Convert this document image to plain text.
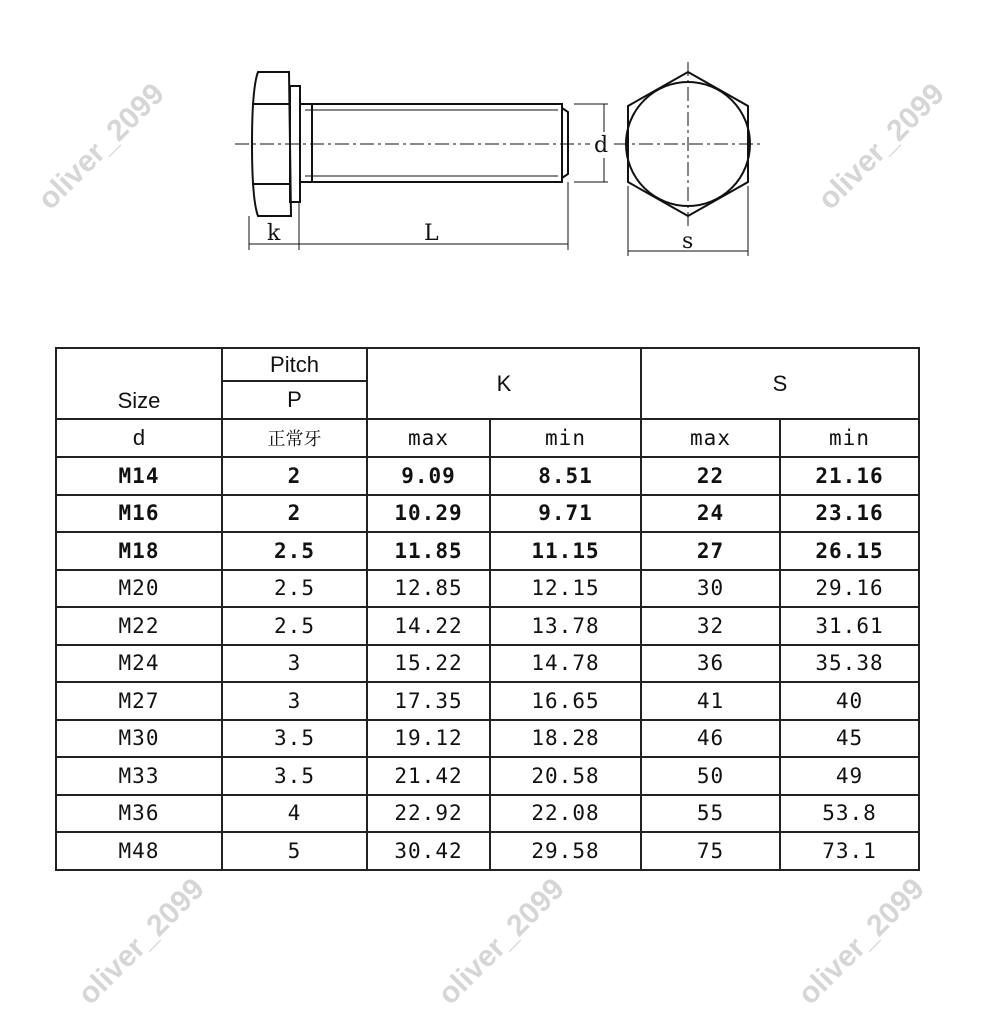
k	L
d
s
Size	Pitch	K		S	
	P				
d	正常牙	max	min	max	min
M14	2	9.09	8.51	22	21.16
M16	2	10.29	9.71	24	23.16
M18	2.5	11.85	11.15	27	26.15
M20	2.5	12.85	12.15	30	29.16
M22	2.5	14.22	13.78	32	31.61
M24	3	15.22	14.78	36	35.38
M27	3	17.35	16.65	41	40
M30	3.5	19.12	18.28	46	45
M33	3.5	21.42	20.58	50	49
M36	4	22.92	22.08	55	53.8
M48	5	30.42	29.58	75	73.1
oliver_2099	oliver_2099
oliver_2099	oliver_2099	oliver_2099
